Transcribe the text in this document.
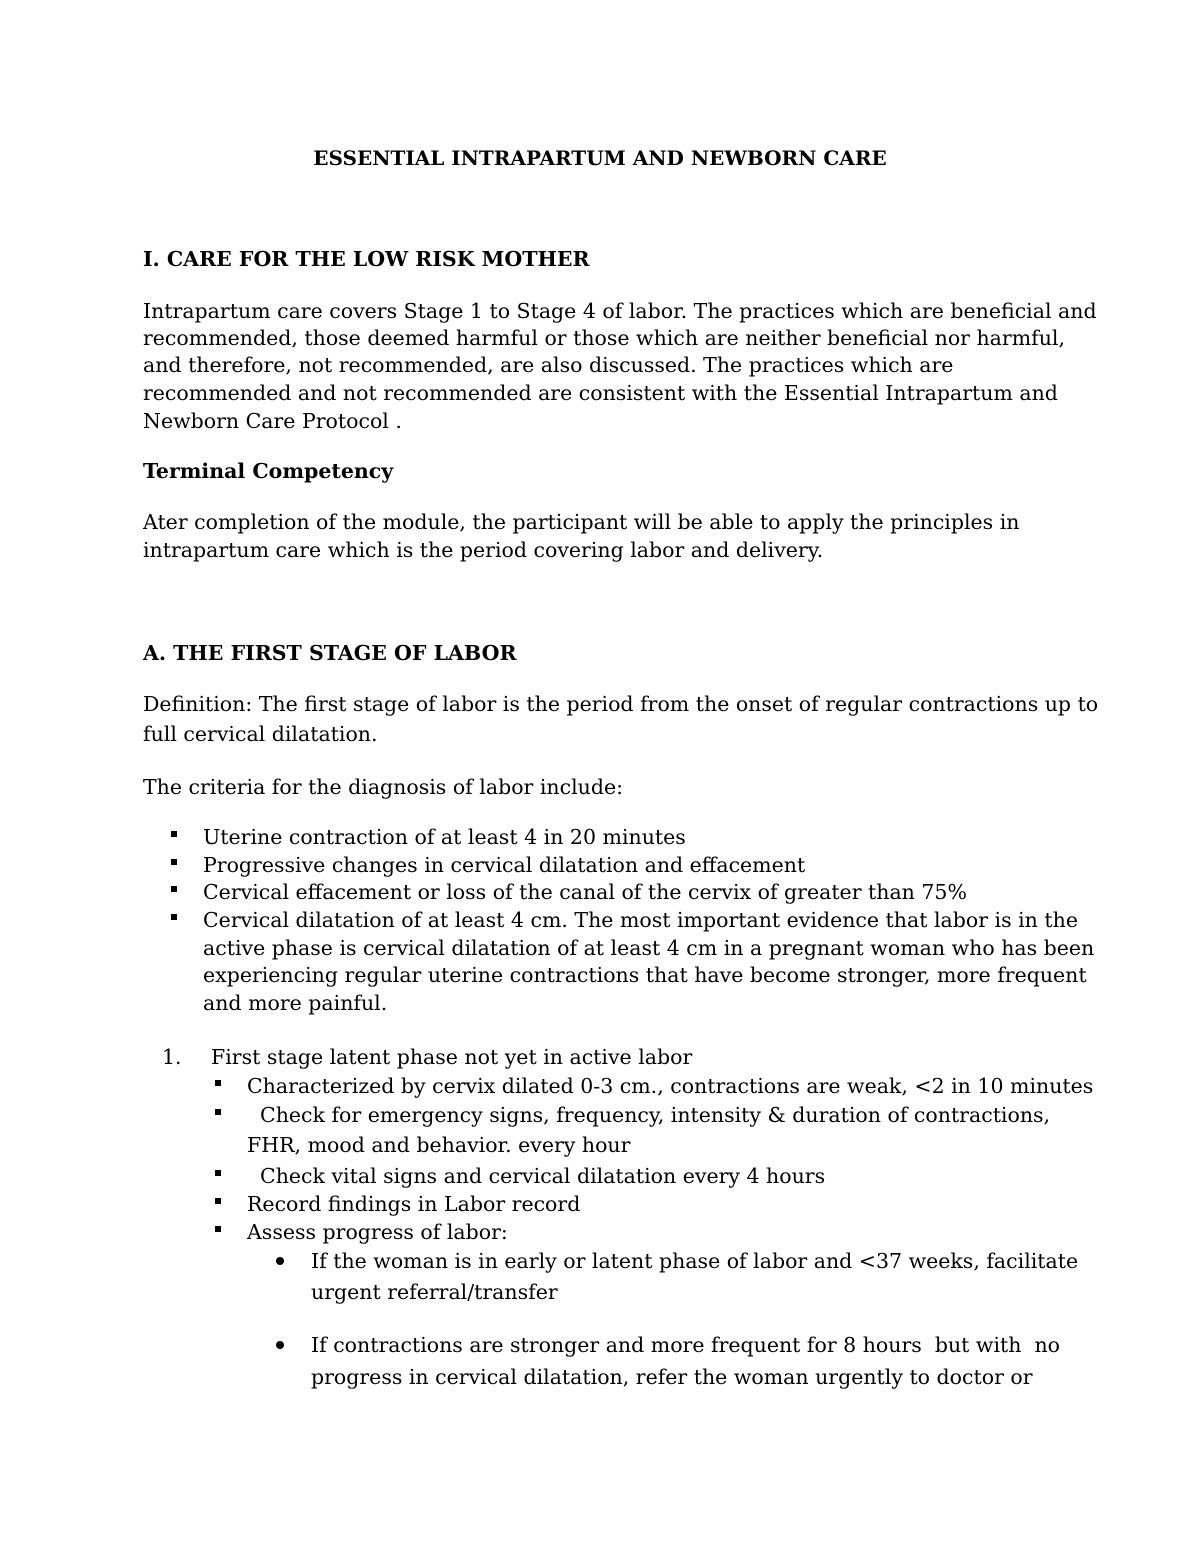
ESSENTIAL INTRAPARTUM AND NEWBORN CARE
I. CARE FOR THE LOW RISK MOTHER
Intrapartum care covers Stage 1 to Stage 4 of labor. The practices which are beneficial and
recommended, those deemed harmful or those which are neither beneficial nor harmful,
and therefore, not recommended, are also discussed. The practices which are
recommended and not recommended are consistent with the Essential Intrapartum and
Newborn Care Protocol .
Terminal Competency
Ater completion of the module, the participant will be able to apply the principles in
intrapartum care which is the period covering labor and delivery.
A. THE FIRST STAGE OF LABOR
Definition: The first stage of labor is the period from the onset of regular contractions up to
full cervical dilatation.
The criteria for the diagnosis of labor include:
Uterine contraction of at least 4 in 20 minutes
Progressive changes in cervical dilatation and effacement
Cervical effacement or loss of the canal of the cervix of greater than 75%
Cervical dilatation of at least 4 cm. The most important evidence that labor is in the
active phase is cervical dilatation of at least 4 cm in a pregnant woman who has been
experiencing regular uterine contractions that have become stronger, more frequent
and more painful.
1. First stage latent phase not yet in active labor
Characterized by cervix dilated 0-3 cm., contractions are weak, <2 in 10 minutes
Check for emergency signs, frequency, intensity & duration of contractions,
FHR, mood and behavior. every hour
Check vital signs and cervical dilatation every 4 hours
Record findings in Labor record
Assess progress of labor:
If the woman is in early or latent phase of labor and <37 weeks, facilitate
urgent referral/transfer
If contractions are stronger and more frequent for 8 hours  but with  no
progress in cervical dilatation, refer the woman urgently to doctor or
